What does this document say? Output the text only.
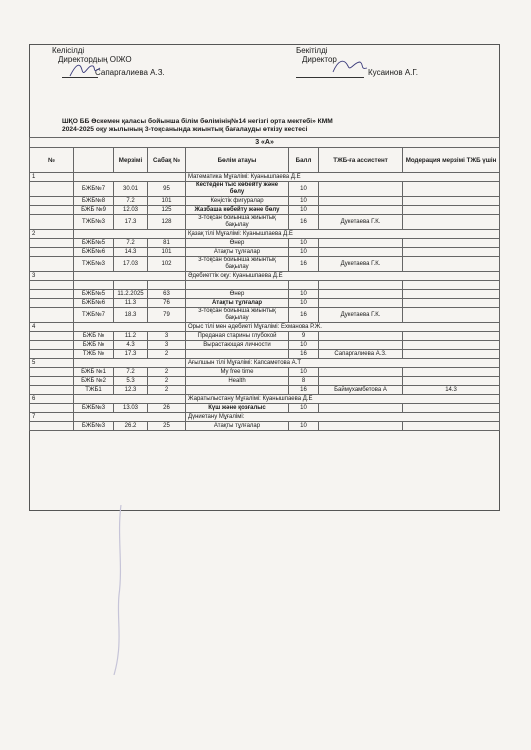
Келісілді
Директордың ОІЖО
Сапаргалиева А.З.
Бекітілді
Директор
Кусаинов А.Г.
ШҚО ББ Өскемен қаласы бойынша білім бөлімінің№14 негізгі орта мектебі» КММ
2024-2025 оқу жылының 3-тоқсанында жиынтық бағалауды өткізу кестесі
3 «А»							
№		Мерзімі	Сабақ №	Бөлім атауы	Балл	ТЖБ-ға ассистент	Модерация мерзімі ТЖБ үшін
1				Математика Мұғалімі: Куанышпаева Д.Е			
	БЖБ№7	30.01	95	Кестеден тыс көбейту және бөлу	10		
	БЖБ№8	7.2	101	Кеңістік фигуралар	10		
	БЖБ №9	12.03	125	Жазбаша көбейту және бөлу	10		
	ТЖБ№3	17.3	128	3-тоқсан бойынша жиынтық бақылау	16	Дукетаева Г.К.	
2				Қазақ тілі Мұғалімі: Куанышпаева Д.Е			
	БЖБ№5	7.2	81	Өнер	10		
	БЖБ№6	14.3	101	Атақты тұлғалар	10		
	ТЖБ№3	17.03	102	3-тоқсан бойынша жиынтық бақылау	16	Дукетаева Г.К.	
3				Әдебиеттік оқу: Куанышпаева Д.Е			

	БЖБ№5	11.2.2025	63	Өнер	10		
	БЖБ№6	11.3	76	Атақты тұлғалар	10		
	ТЖБ№7	18.3	79	3-тоқсан бойынша жиынтық бақылау	16	Дукетаева Г.К.	
4				Орыс тілі мен әдебиеті Мұғалімі: Ехманова Р.Ж.			
	БЖБ №	11.2	3	Преданая старины глубокой	9		
	БЖБ №	4.3	3	Вырастающая личности	10		
	ТЖБ №	17.3	2		16	Сапаргалиева А.З.	
5				Ағылшын тілі Мұғалімі: Капсаметова А.Т			
	БЖБ №1	7.2	2	My free time	10		
	БЖБ №2	5.3	2	Health	8		
	ТЖБ1	12.3	2		16	Баймухамбетова А	14.3
6				Жаратылыстану Мұғалімі: Куанышпаева Д.Е			
	БЖБ№3	13.03	26	Күш және қозғалыс	10		
7				Дүниетану Мұғалімі:			
	БЖБ№3	26.2	25	Атақты тұлғалар	10		
